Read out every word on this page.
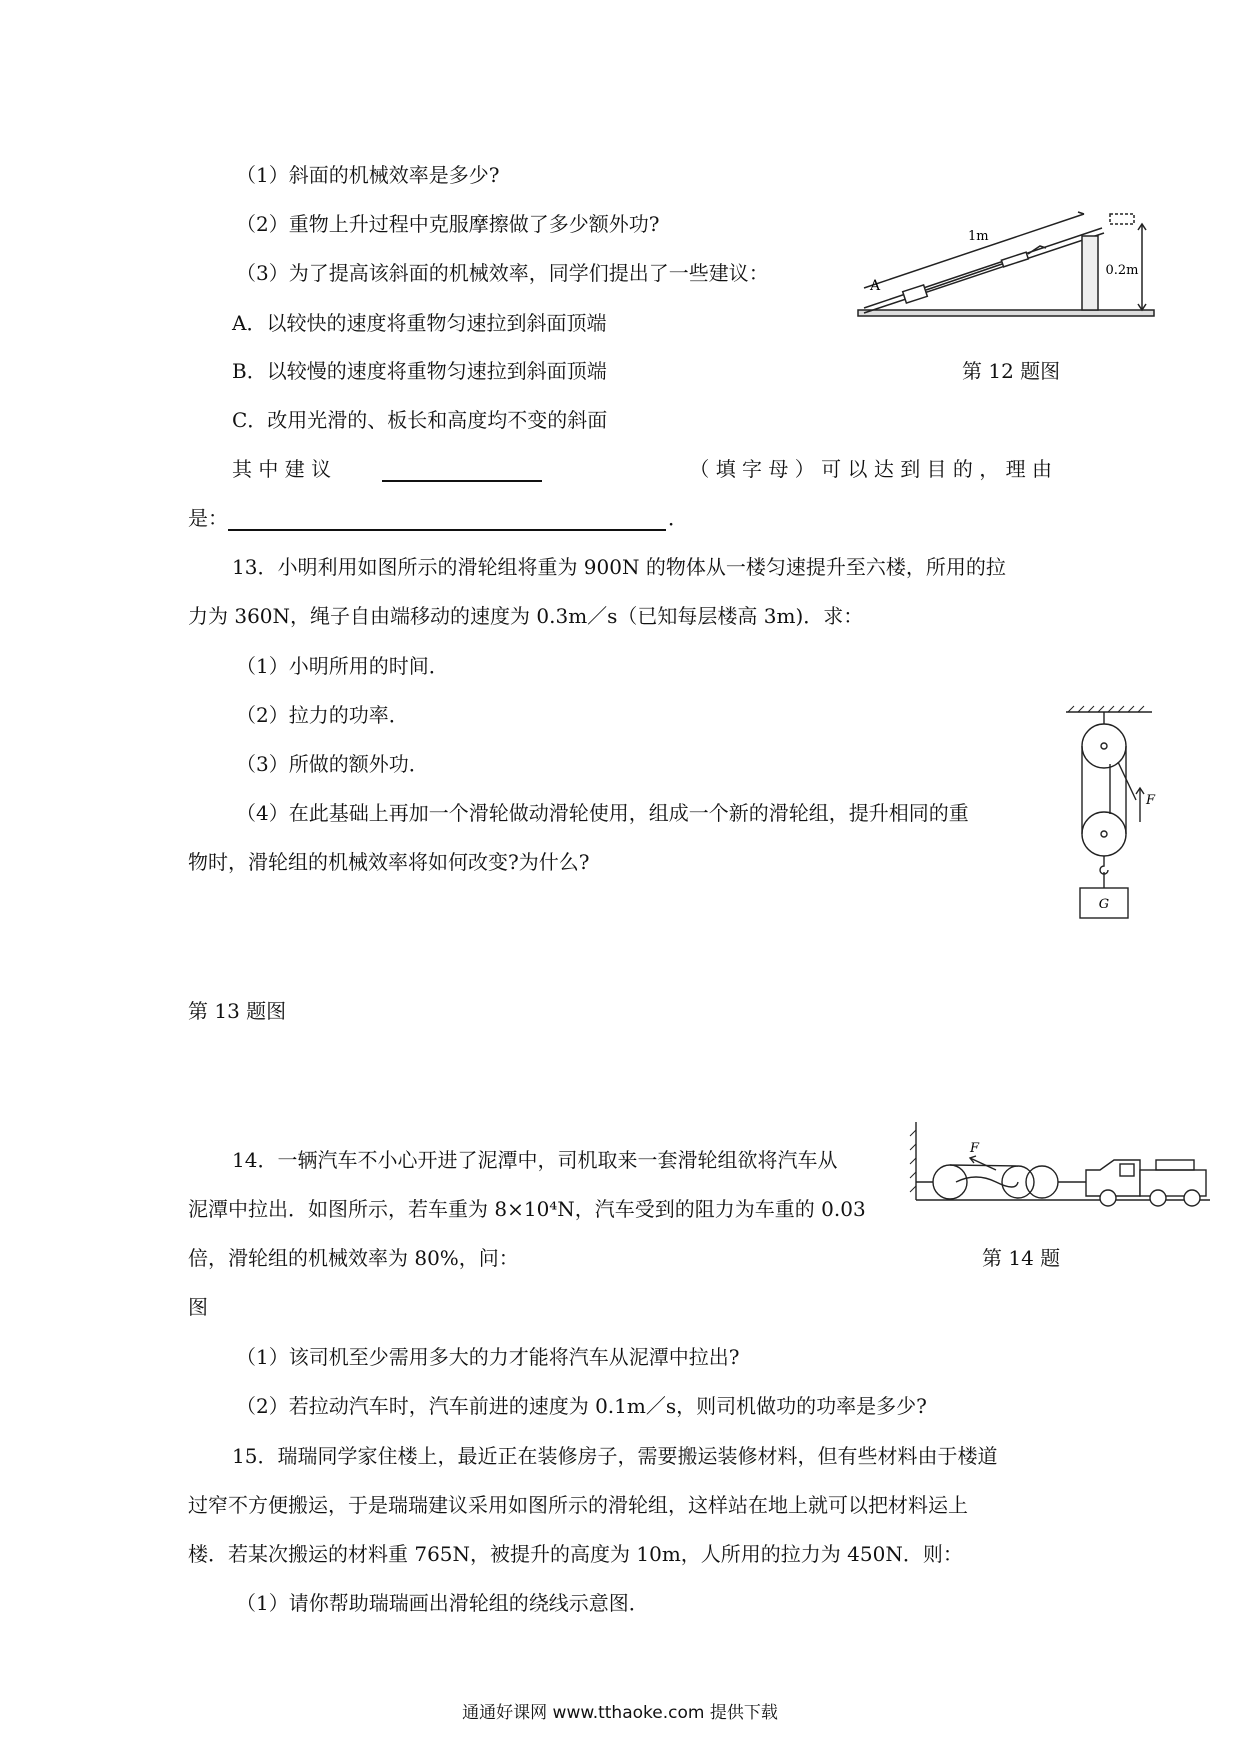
（1）斜面的机械效率是多少?
（2）重物上升过程中克服摩擦做了多少额外功?
（3）为了提高该斜面的机械效率，同学们提出了一些建议：
A．以较快的速度将重物匀速拉到斜面顶端
B．以较慢的速度将重物匀速拉到斜面顶端
C．改用光滑的、板长和高度均不变的斜面
其 中 建 议	（ 填 字 母 ） 可 以 达 到 目 的 ， 理 由
是：	．
A
1m
0.2m
第 12 题图
13．小明利用如图所示的滑轮组将重为 900N 的物体从一楼匀速提升至六楼，所用的拉
力为 360N，绳子自由端移动的速度为 0.3m／s（已知每层楼高 3m)．求：
（1）小明所用的时间．
（2）拉力的功率．
（3）所做的额外功．
（4）在此基础上再加一个滑轮做动滑轮使用，组成一个新的滑轮组，提升相同的重
物时，滑轮组的机械效率将如何改变?为什么?
F
G
第 13 题图
14．一辆汽车不小心开进了泥潭中，司机取来一套滑轮组欲将汽车从
泥潭中拉出．如图所示，若车重为 8×10⁴N，汽车受到的阻力为车重的 0.03
倍，滑轮组的机械效率为 80%，问：	第 14 题
图
（1）该司机至少需用多大的力才能将汽车从泥潭中拉出?
（2）若拉动汽车时，汽车前进的速度为 0.1m／s，则司机做功的功率是多少?
F
15．瑞瑞同学家住楼上，最近正在装修房子，需要搬运装修材料，但有些材料由于楼道
过窄不方便搬运，于是瑞瑞建议采用如图所示的滑轮组，这样站在地上就可以把材料运上
楼．若某次搬运的材料重 765N，被提升的高度为 10m，人所用的拉力为 450N．则：
（1）请你帮助瑞瑞画出滑轮组的绕线示意图．
通通好课网 www.tthaoke.com 提供下载
